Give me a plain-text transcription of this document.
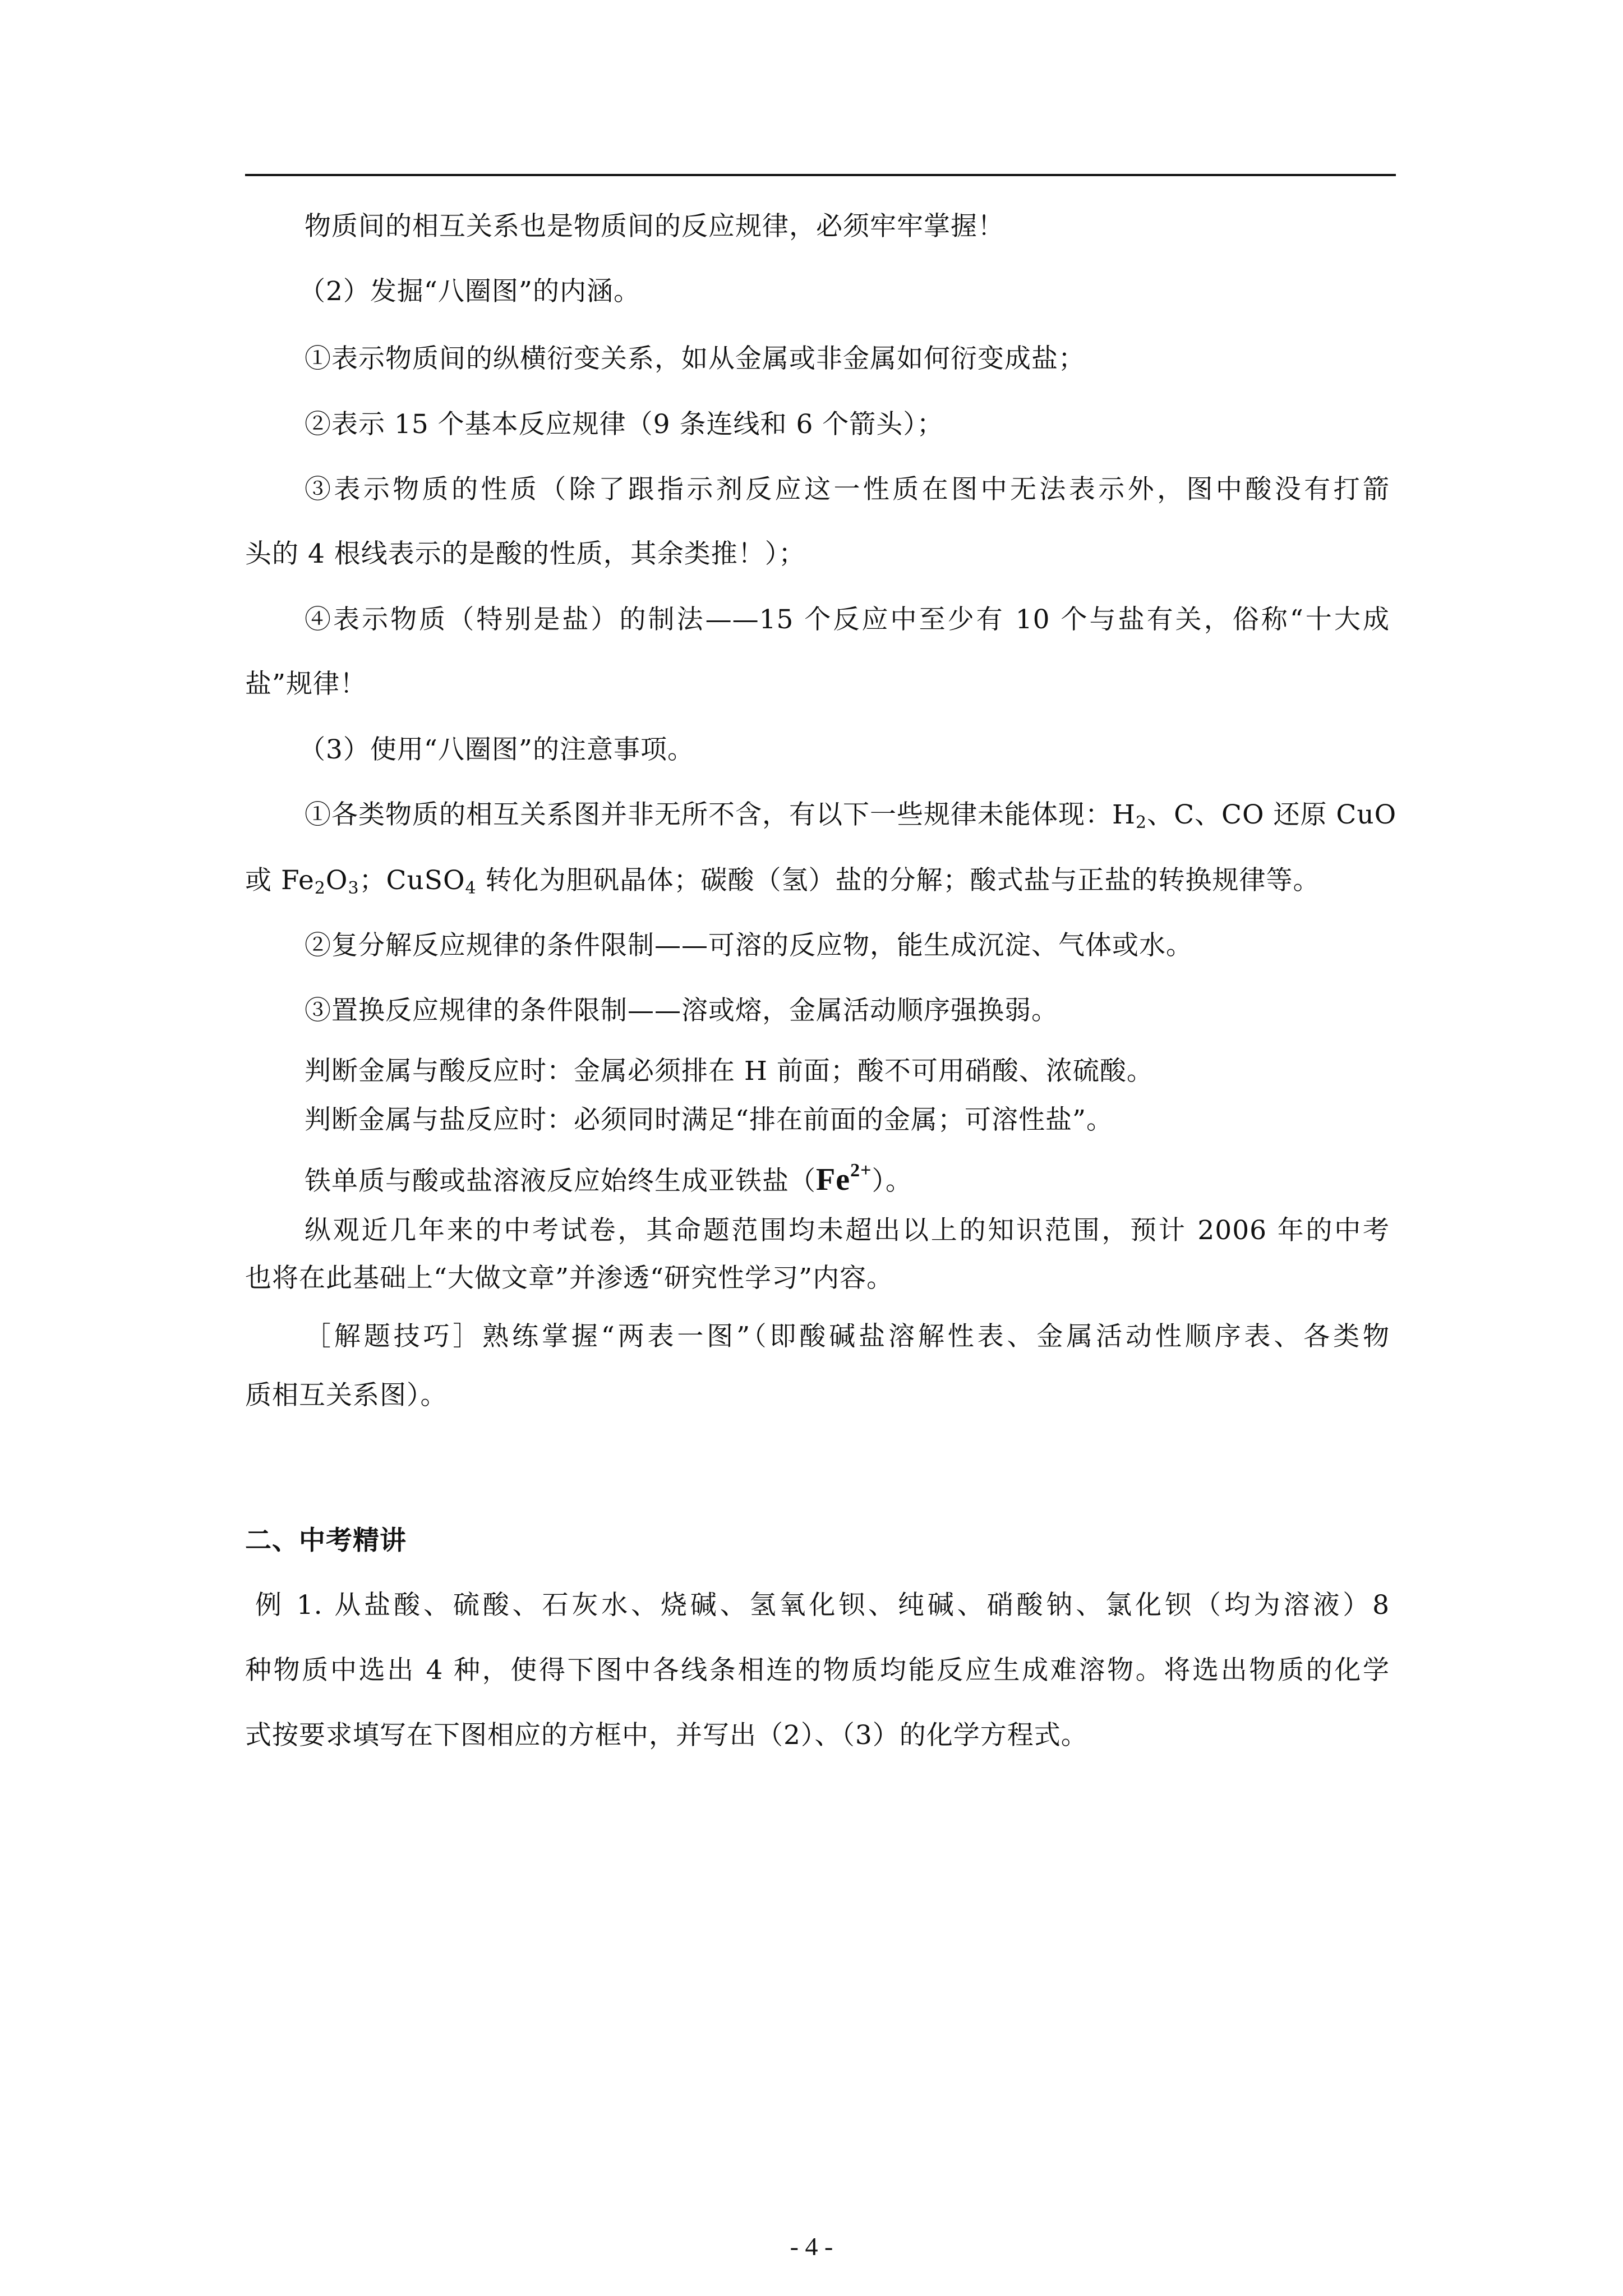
物质间的相互关系也是物质间的反应规律，必须牢牢掌握！
（2）发掘“八圈图”的内涵。
①表示物质间的纵横衍变关系，如从金属或非金属如何衍变成盐；
②表示 15 个基本反应规律（9 条连线和 6 个箭头）；
③表示物质的性质（除了跟指示剂反应这一性质在图中无法表示外，图中酸没有打箭
头的 4 根线表示的是酸的性质，其余类推！）；
④表示物质（特别是盐）的制法——15 个反应中至少有 10 个与盐有关，俗称“十大成
盐”规律！
（3）使用“八圈图”的注意事项。
①各类物质的相互关系图并非无所不含，有以下一些规律未能体现：$H_2$、C、CO 还原 CuO
或 $Fe_2O_3$；CuSO$_4$ 转化为胆矾晶体；碳酸（氢）盐的分解；酸式盐与正盐的转换规律等。
②复分解反应规律的条件限制——可溶的反应物，能生成沉淀、气体或水。
③置换反应规律的条件限制——溶或熔，金属活动顺序强换弱。
判断金属与酸反应时：金属必须排在 H 前面；酸不可用硝酸、浓硫酸。
判断金属与盐反应时：必须同时满足“排在前面的金属；可溶性盐”。
铁单质与酸或盐溶液反应始终生成亚铁盐$(Fe^{2+})$。
纵观近几年来的中考试卷，其命题范围均未超出以上的知识范围，预计 2006 年的中考
也将在此基础上“大做文章”并渗透“研究性学习”内容。
［解题技巧］熟练掌握“两表一图”（即酸碱盐溶解性表、金属活动性顺序表、各类物
质相互关系图）。
二、中考精讲
例 1. 从盐酸、硫酸、石灰水、烧碱、氢氧化钡、纯碱、硝酸钠、氯化钡（均为溶液）8
种物质中选出 4 种，使得下图中各线条相连的物质均能反应生成难溶物。将选出物质的化学
式按要求填写在下图相应的方框中，并写出（2）、（3）的化学方程式。
- 4 -
